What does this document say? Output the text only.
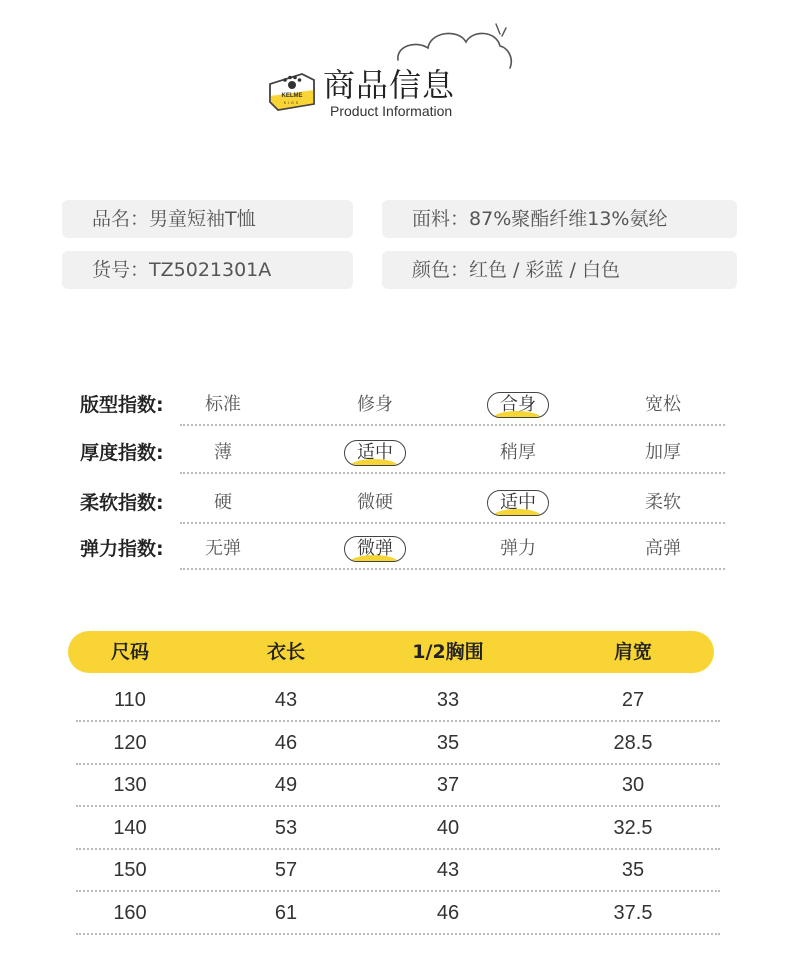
KELME
KIDS 商品信息
Product Information
品名：男童短袖T恤	面料：87%聚酯纤维13%氨纶
货号：TZ5021301A	颜色：红色 / 彩蓝 / 白色
版型指数:	标准	修身	合身	宽松
厚度指数:	薄	适中	稍厚	加厚
柔软指数:	硬	微硬	适中	柔软
弹力指数:	无弹	微弹	弹力	高弹
尺码	衣长	1/2胸围	肩宽
110	43	33	27
120	46	35	28.5
130	49	37	30
140	53	40	32.5
150	57	43	35
160	61	46	37.5
